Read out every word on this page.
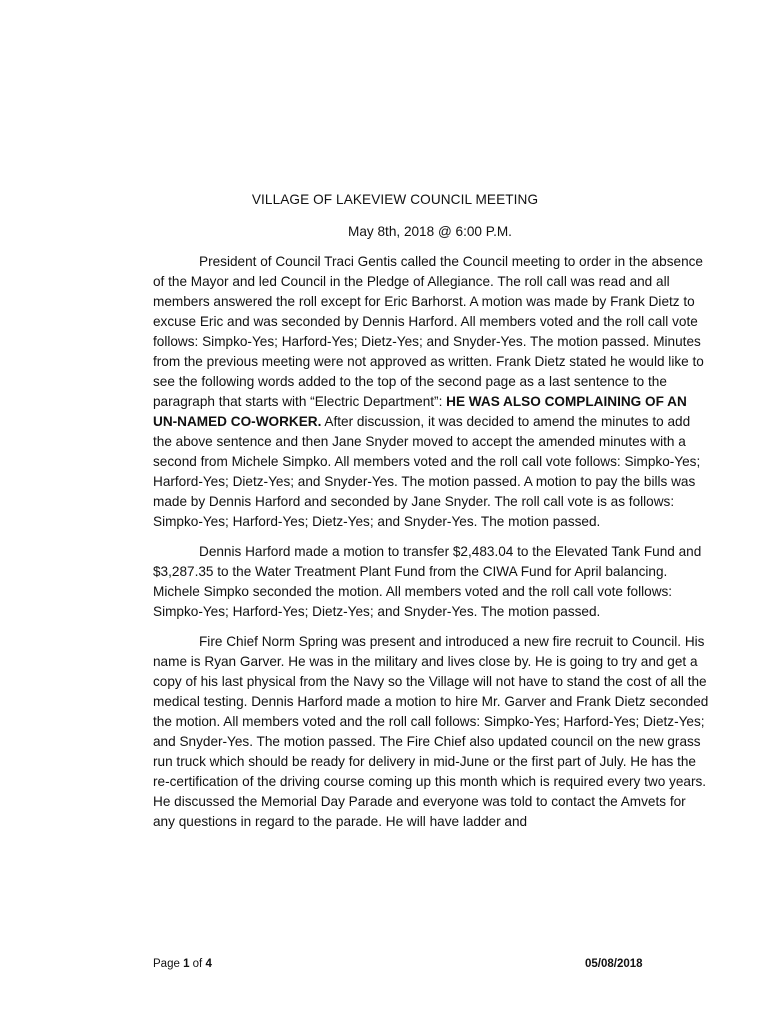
VILLAGE OF LAKEVIEW COUNCIL MEETING
May 8th, 2018 @ 6:00 P.M.

President of Council Traci Gentis called the Council meeting to order in the absence of the Mayor and led Council in the Pledge of Allegiance. The roll call was read and all members answered the roll except for Eric Barhorst. A motion was made by Frank Dietz to excuse Eric and was seconded by Dennis Harford. All members voted and the roll call vote follows: Simpko-Yes; Harford-Yes; Dietz-Yes; and Snyder-Yes. The motion passed. Minutes from the previous meeting were not approved as written. Frank Dietz stated he would like to see the following words added to the top of the second page as a last sentence to the paragraph that starts with “Electric Department”: HE WAS ALSO COMPLAINING OF AN UN-NAMED CO-WORKER. After discussion, it was decided to amend the minutes to add the above sentence and then Jane Snyder moved to accept the amended minutes with a second from Michele Simpko. All members voted and the roll call vote follows: Simpko-Yes; Harford-Yes; Dietz-Yes; and Snyder-Yes. The motion passed. A motion to pay the bills was made by Dennis Harford and seconded by Jane Snyder. The roll call vote is as follows: Simpko-Yes; Harford-Yes; Dietz-Yes; and Snyder-Yes. The motion passed.

Dennis Harford made a motion to transfer $2,483.04 to the Elevated Tank Fund and $3,287.35 to the Water Treatment Plant Fund from the CIWA Fund for April balancing. Michele Simpko seconded the motion. All members voted and the roll call vote follows: Simpko-Yes; Harford-Yes; Dietz-Yes; and Snyder-Yes. The motion passed.

Fire Chief Norm Spring was present and introduced a new fire recruit to Council. His name is Ryan Garver. He was in the military and lives close by. He is going to try and get a copy of his last physical from the Navy so the Village will not have to stand the cost of all the medical testing. Dennis Harford made a motion to hire Mr. Garver and Frank Dietz seconded the motion. All members voted and the roll call follows: Simpko-Yes; Harford-Yes; Dietz-Yes; and Snyder-Yes. The motion passed. The Fire Chief also updated council on the new grass run truck which should be ready for delivery in mid-June or the first part of July. He has the re-certification of the driving course coming up this month which is required every two years. He discussed the Memorial Day Parade and everyone was told to contact the Amvets for any questions in regard to the parade. He will have ladder and

Page 1 of 4	05/08/2018
